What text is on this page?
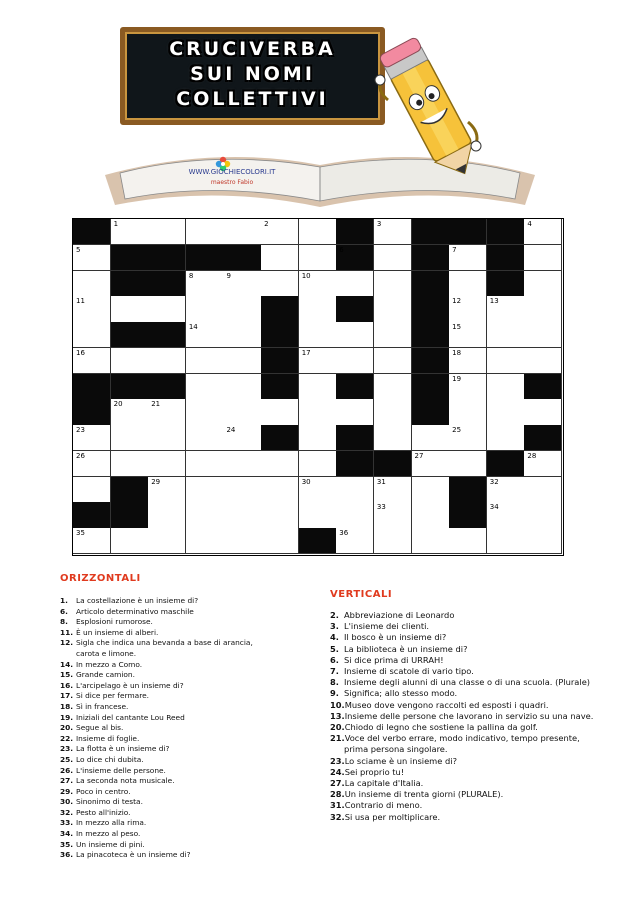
CRUCIVERBA
SUI NOMI
COLLETTIVI
WWW.GIOCHIECOLORI.IT
maestro Fabio
1	2	3	4
5	6	7
8	9	10
11	12	13
14	15
16	17	18
19
20	21
23	24	25
26	27	28
29	30	31	32
33	34
35	36
ORIZZONTALI
1.	La costellazione è un insieme di?
6.	Articolo determinativo maschile
8.	Esplosioni rumorose.
11. È un insieme di alberi.
12. Sigla che indica una bevanda a base di arancia,
carota e limone.
14. In mezzo a Como.
15. Grande camion.
16. L'arcipelago è un insieme di?
17. Si dice per fermare.
18. Sì in francese.
19. Iniziali del cantante Lou Reed
20. Segue al bis.
22. Insieme di foglie.
23. La flotta è un insieme di?
25. Lo dice chi dubita.
26. L'insieme delle persone.
27. La seconda nota musicale.
29. Poco in centro.
30. Sinonimo di testa.
32. Pesto all'inizio.
33. In mezzo alla rima.
34. In mezzo al peso.
35. Un insieme di pini.
36. La pinacoteca è un insieme di?
VERTICALI
2. Abbreviazione di Leonardo
3. L'insieme dei clienti.
4. Il bosco è un insieme di?
5. La biblioteca è un insieme di?
6. Si dice prima di URRAH!
7. Insieme di scatole di vario tipo.
8. Insieme degli alunni di una classe o di una scuola. (Plurale)
9. Significa; allo stesso modo.
10. Museo dove vengono raccolti ed esposti i quadri.
13. Insieme delle persone che lavorano in servizio su una nave.
20. Chiodo di legno che sostiene la pallina da golf.
21. Voce del verbo errare, modo indicativo, tempo presente,
prima persona singolare.
23. Lo sciame è un insieme di?
24. Sei proprio tu!
27. La capitale d'Italia.
28. Un insieme di trenta giorni (PLURALE).
31. Contrario di meno.
32. Si usa per moltiplicare.
